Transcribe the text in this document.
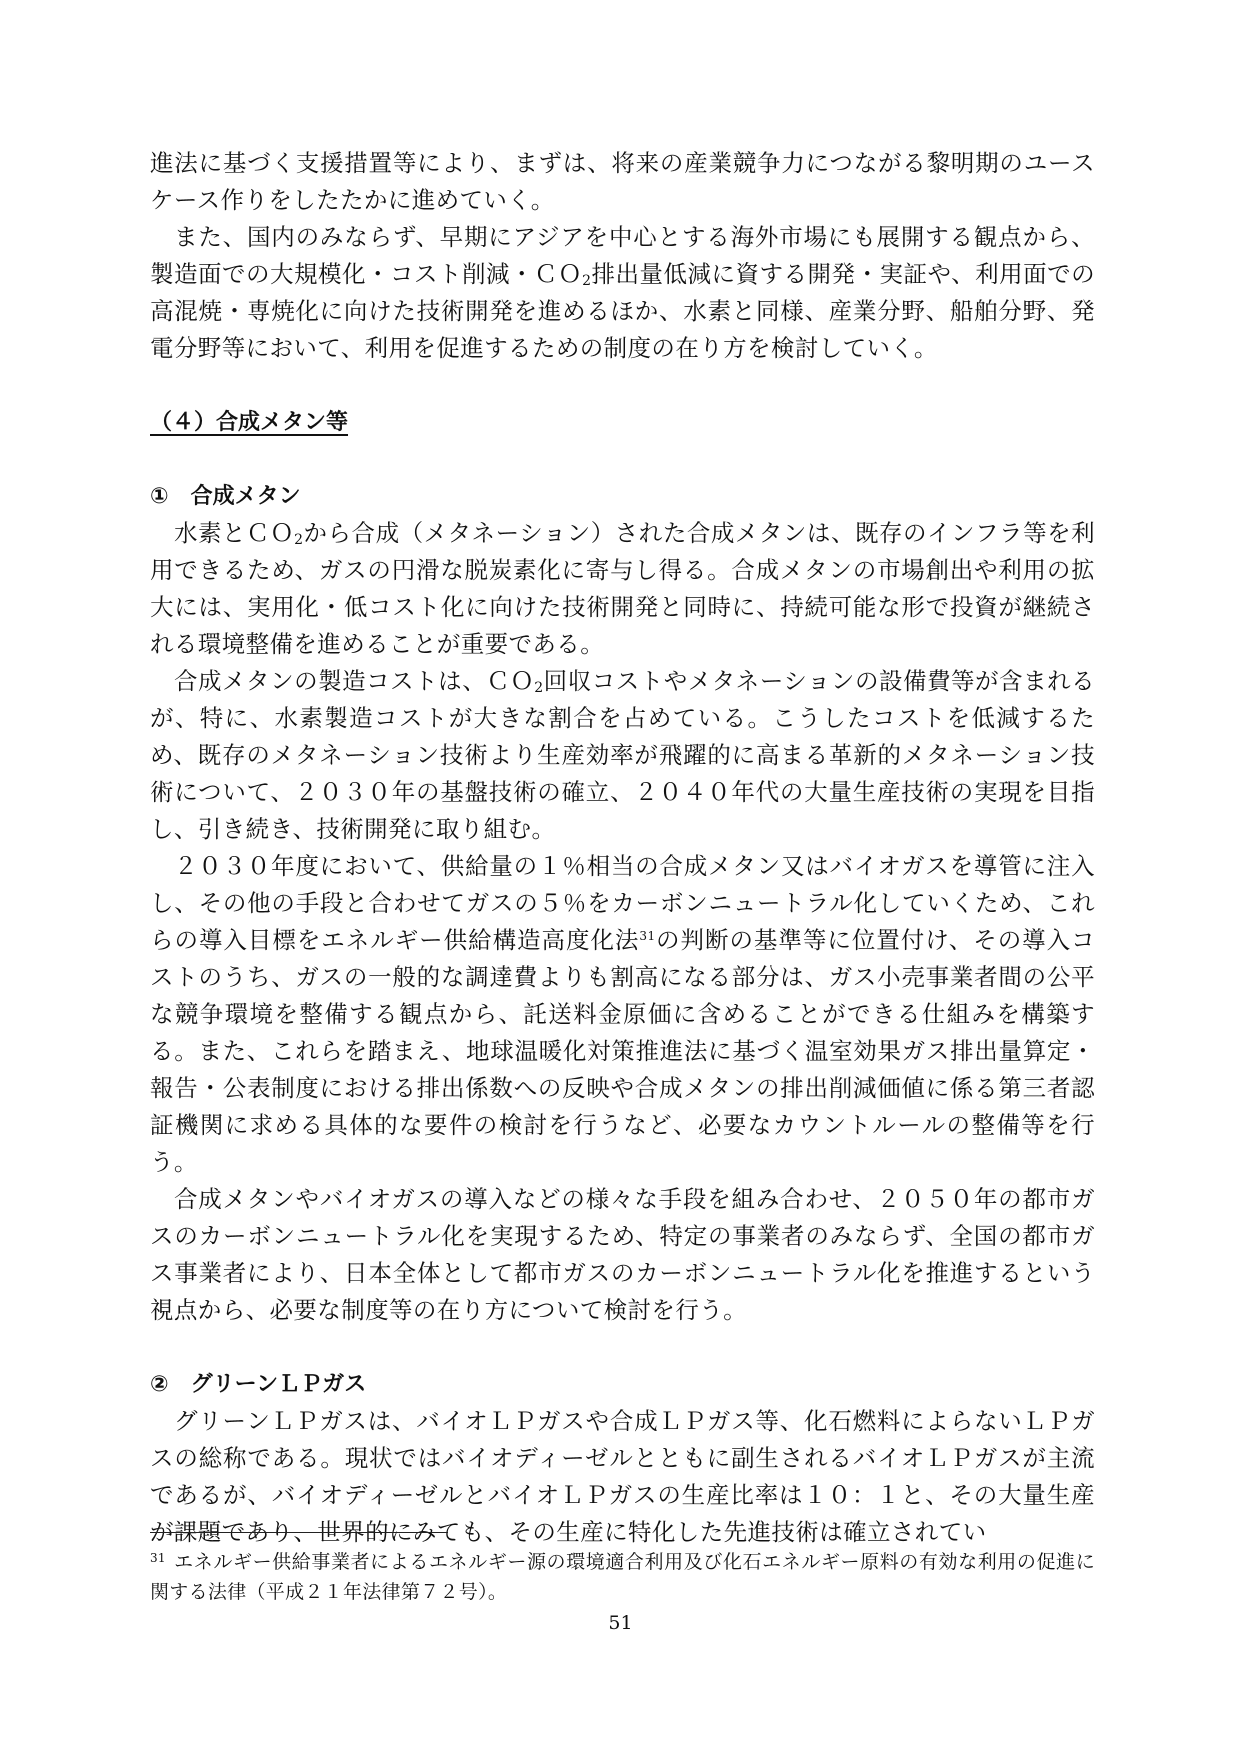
進法に基づく支援措置等により、まずは、将来の産業競争力につながる黎明期のユースケース作りをしたたかに進めていく。

また、国内のみならず、早期にアジアを中心とする海外市場にも展開する観点から、製造面での大規模化・コスト削減・ＣＯ$_2$排出量低減に資する開発・実証や、利用面での高混焼・専焼化に向けた技術開発を進めるほか、水素と同様、産業分野、船舶分野、発電分野等において、利用を促進するための制度の在り方を検討していく。

（４）合成メタン等

①　合成メタン

水素とＣＯ$_2$から合成（メタネーション）された合成メタンは、既存のインフラ等を利用できるため、ガスの円滑な脱炭素化に寄与し得る。合成メタンの市場創出や利用の拡大には、実用化・低コスト化に向けた技術開発と同時に、持続可能な形で投資が継続される環境整備を進めることが重要である。

合成メタンの製造コストは、ＣＯ$_2$回収コストやメタネーションの設備費等が含まれるが、特に、水素製造コストが大きな割合を占めている。こうしたコストを低減するため、既存のメタネーション技術より生産効率が飛躍的に高まる革新的メタネーション技術について、２０３０年の基盤技術の確立、２０４０年代の大量生産技術の実現を目指し、引き続き、技術開発に取り組む。

２０３０年度において、供給量の１％相当の合成メタン又はバイオガスを導管に注入し、その他の手段と合わせてガスの５％をカーボンニュートラル化していくため、これらの導入目標をエネルギー供給構造高度化法$^{31}$の判断の基準等に位置付け、その導入コストのうち、ガスの一般的な調達費よりも割高になる部分は、ガス小売事業者間の公平な競争環境を整備する観点から、託送料金原価に含めることができる仕組みを構築する。また、これらを踏まえ、地球温暖化対策推進法に基づく温室効果ガス排出量算定・報告・公表制度における排出係数への反映や合成メタンの排出削減価値に係る第三者認証機関に求める具体的な要件の検討を行うなど、必要なカウントルールの整備等を行う。

合成メタンやバイオガスの導入などの様々な手段を組み合わせ、２０５０年の都市ガスのカーボンニュートラル化を実現するため、特定の事業者のみならず、全国の都市ガス事業者により、日本全体として都市ガスのカーボンニュートラル化を推進するという視点から、必要な制度等の在り方について検討を行う。

②　グリーンＬＰガス

グリーンＬＰガスは、バイオＬＰガスや合成ＬＰガス等、化石燃料によらないＬＰガスの総称である。現状ではバイオディーゼルとともに副生されるバイオＬＰガスが主流であるが、バイオディーゼルとバイオＬＰガスの生産比率は１０：１と、その大量生産が課題であり、世界的にみても、その生産に特化した先進技術は確立されてい

$^{31}$ エネルギー供給事業者によるエネルギー源の環境適合利用及び化石エネルギー原料の有効な利用の促進に関する法律（平成２１年法律第７２号）。
51
